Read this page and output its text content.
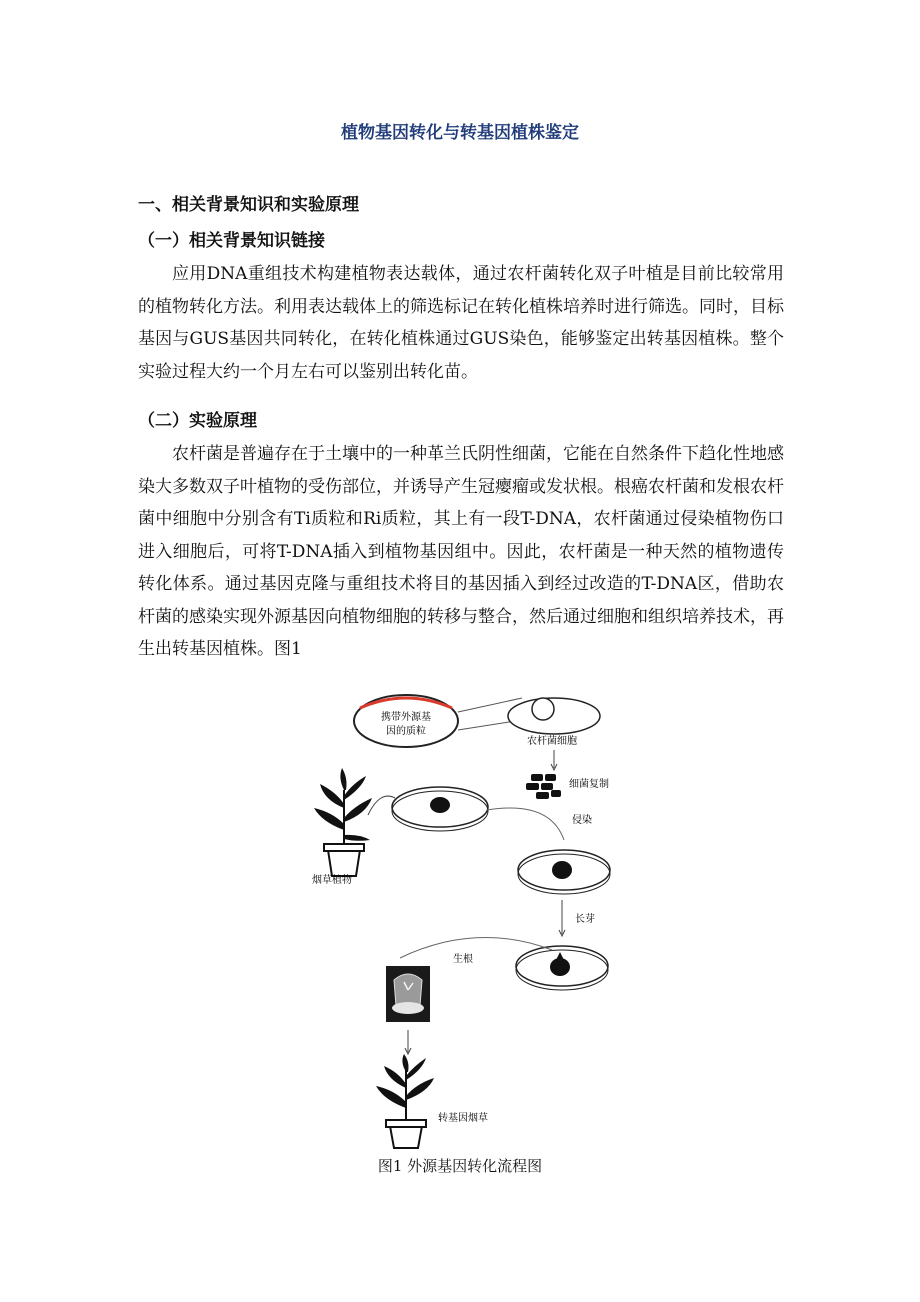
植物基因转化与转基因植株鉴定
一、相关背景知识和实验原理
（一）相关背景知识链接

应用DNA重组技术构建植物表达载体，通过农杆菌转化双子叶植是目前比较常用的植物转化方法。利用表达载体上的筛选标记在转化植株培养时进行筛选。同时，目标基因与GUS基因共同转化，在转化植株通过GUS染色，能够鉴定出转基因植株。整个实验过程大约一个月左右可以鉴别出转化苗。

（二）实验原理

农杆菌是普遍存在于土壤中的一种革兰氏阴性细菌，它能在自然条件下趋化性地感染大多数双子叶植物的受伤部位，并诱导产生冠瘿瘤或发状根。根癌农杆菌和发根农杆菌中细胞中分别含有Ti质粒和Ri质粒，其上有一段T-DNA，农杆菌通过侵染植物伤口进入细胞后，可将T-DNA插入到植物基因组中。因此，农杆菌是一种天然的植物遗传转化体系。通过基因克隆与重组技术将目的基因插入到经过改造的T-DNA区，借助农杆菌的感染实现外源基因向植物细胞的转移与整合，然后通过细胞和组织培养技术，再生出转基因植株。图1

携带外源基
因的质粒
农杆菌细胞
细菌复制
烟草植物
侵染
长芽
生根
转基因烟草
图1 外源基因转化流程图
